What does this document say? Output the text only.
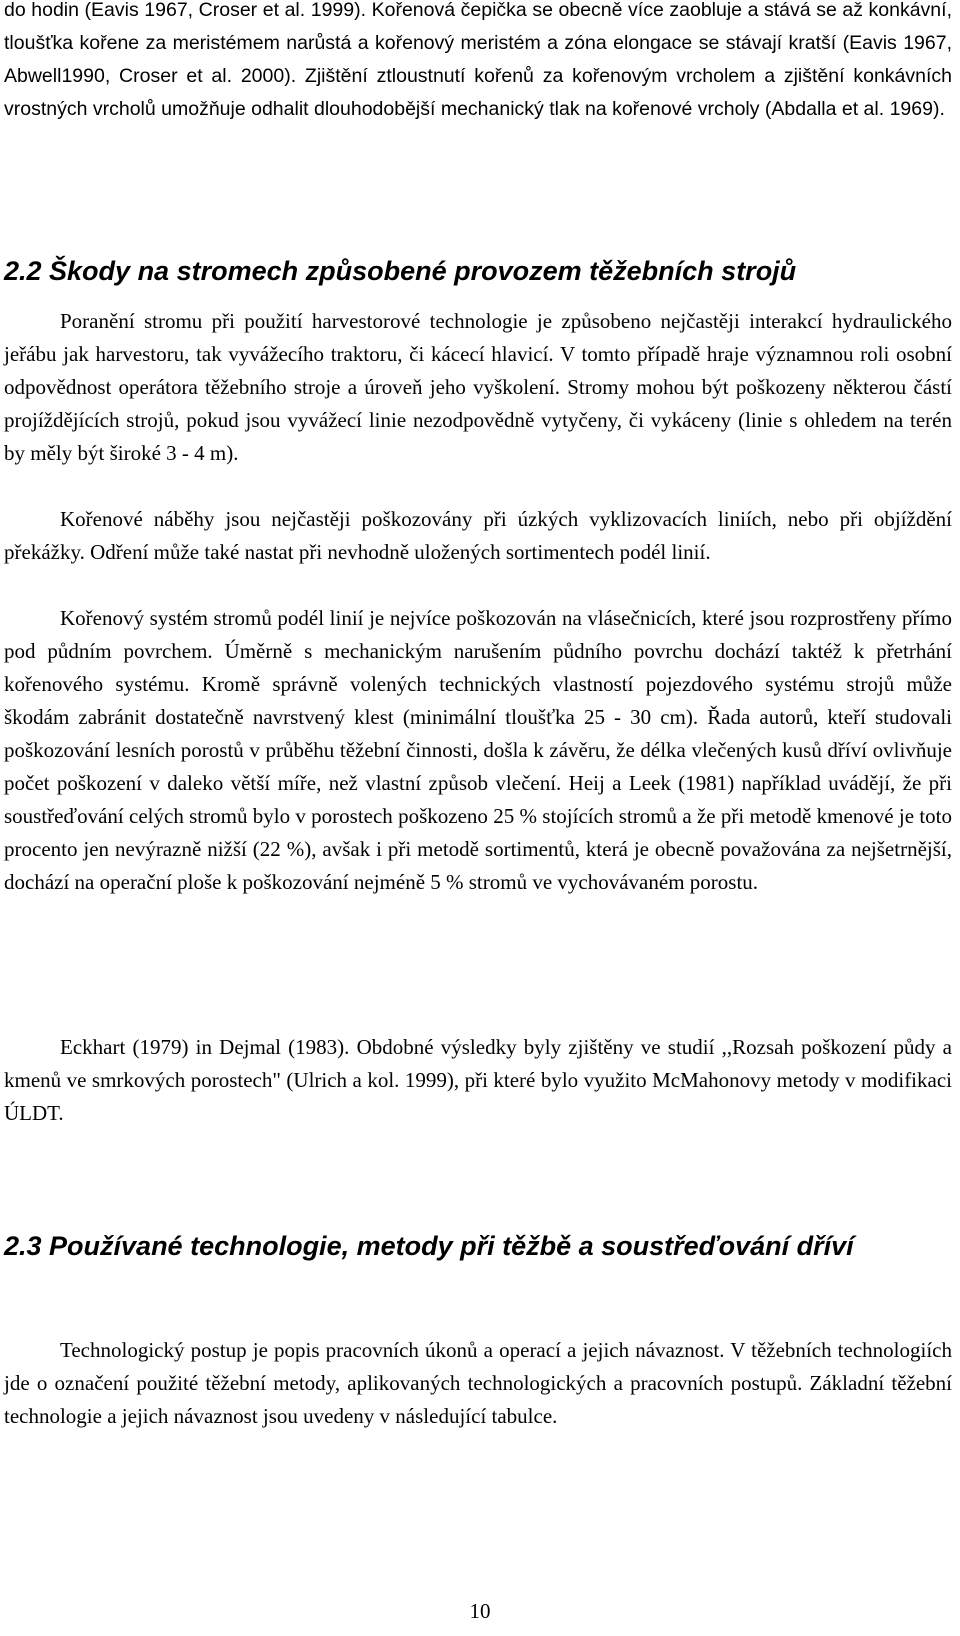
do hodin (Eavis 1967, Croser et al. 1999). Kořenová čepička se obecně více zaobluje a stává se až konkávní, tloušťka kořene za meristémem narůstá a kořenový meristém a zóna elongace se stávají kratší (Eavis 1967, Abwell1990, Croser et al. 2000). Zjištění ztloustnutí kořenů za kořenovým vrcholem a zjištění konkávních vrostných vrcholů umožňuje odhalit dlouhodobější mechanický tlak na kořenové vrcholy (Abdalla et al. 1969).

2.2 Škody na stromech způsobené provozem těžebních strojů

Poranění stromu při použití harvestorové technologie je způsobeno nejčastěji interakcí hydraulického jeřábu jak harvestoru, tak vyvážecího traktoru, či kácecí hlavicí. V tomto případě hraje významnou roli osobní odpovědnost operátora těžebního stroje a úroveň jeho vyškolení. Stromy mohou být poškozeny některou částí projíždějících strojů, pokud jsou vyvážecí linie nezodpovědně vytyčeny, či vykáceny (linie s ohledem na terén by měly být široké 3 - 4 m).

Kořenové náběhy jsou nejčastěji poškozovány při úzkých vyklizovacích liniích, nebo při objíždění překážky. Odření může také nastat při nevhodně uložených sortimentech podél linií.

Kořenový systém stromů podél linií je nejvíce poškozován na vlásečnicích, které jsou rozprostřeny přímo pod půdním povrchem. Úměrně s mechanickým narušením půdního povrchu dochází taktéž k přetrhání kořenového systému. Kromě správně volených technických vlastností pojezdového systému strojů může škodám zabránit dostatečně navrstvený klest (minimální tloušťka 25 - 30 cm). Řada autorů, kteří studovali poškozování lesních porostů v průběhu těžební činnosti, došla k závěru, že délka vlečených kusů dříví ovlivňuje počet poškození v daleko větší míře, než vlastní způsob vlečení. Heij a Leek (1981) například uvádějí, že při soustřeďování celých stromů bylo v porostech poškozeno 25 % stojících stromů a že při metodě kmenové je toto procento jen nevýrazně nižší (22 %), avšak i při metodě sortimentů, která je obecně považována za nejšetrnější, dochází na operační ploše k poškozování nejméně 5 % stromů ve vychovávaném porostu.

Eckhart (1979) in Dejmal (1983). Obdobné výsledky byly zjištěny ve studií ,,Rozsah poškození půdy a kmenů ve smrkových porostech" (Ulrich a kol. 1999), při které bylo využito McMahonovy metody v modifikaci ÚLDT.

2.3 Používané technologie, metody při těžbě a soustřeďování dříví

Technologický postup je popis pracovních úkonů a operací a jejich návaznost. V těžebních technologiích jde o označení použité těžební metody, aplikovaných technologických a pracovních postupů. Základní těžební technologie a jejich návaznost jsou uvedeny v následující tabulce.

10
